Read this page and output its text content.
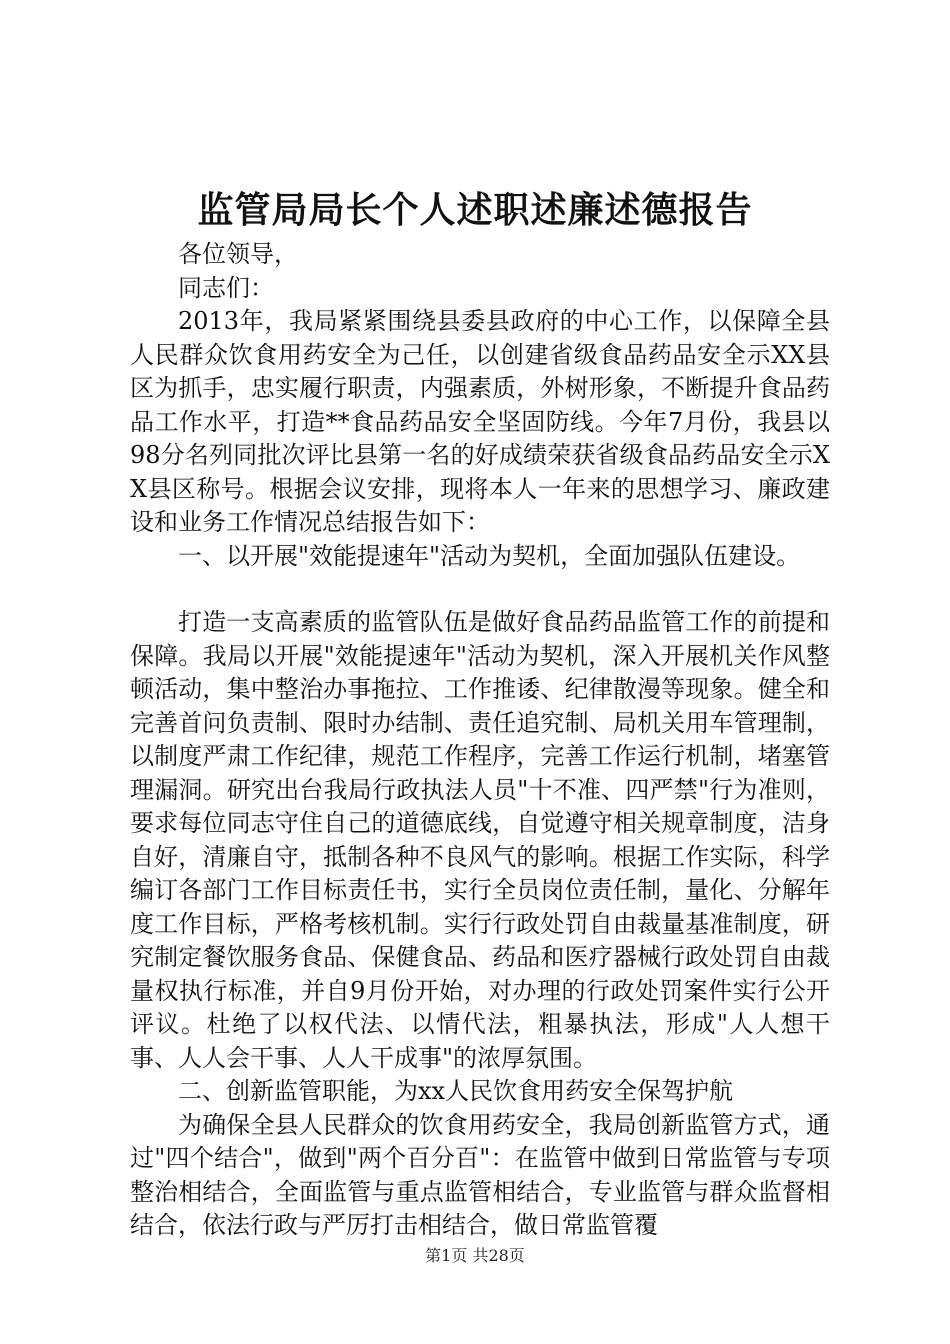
监管局局长个人述职述廉述德报告

各位领导，

同志们：

2013年，我局紧紧围绕县委县政府的中心工作，以保障全县人民群众饮食用药安全为己任，以创建省级食品药品安全示XX县区为抓手，忠实履行职责，内强素质，外树形象，不断提升食品药品工作水平，打造**食品药品安全坚固防线。今年7月份，我县以98分名列同批次评比县第一名的好成绩荣获省级食品药品安全示XX县区称号。根据会议安排，现将本人一年来的思想学习、廉政建设和业务工作情况总结报告如下：

一、以开展"效能提速年"活动为契机，全面加强队伍建设。

打造一支高素质的监管队伍是做好食品药品监管工作的前提和保障。我局以开展"效能提速年"活动为契机，深入开展机关作风整顿活动，集中整治办事拖拉、工作推诿、纪律散漫等现象。健全和完善首问负责制、限时办结制、责任追究制、局机关用车管理制，以制度严肃工作纪律，规范工作程序，完善工作运行机制，堵塞管理漏洞。研究出台我局行政执法人员"十不准、四严禁"行为准则，要求每位同志守住自己的道德底线，自觉遵守相关规章制度，洁身自好，清廉自守，抵制各种不良风气的影响。根据工作实际，科学编订各部门工作目标责任书，实行全员岗位责任制，量化、分解年度工作目标，严格考核机制。实行行政处罚自由裁量基准制度，研究制定餐饮服务食品、保健食品、药品和医疗器械行政处罚自由裁量权执行标准，并自9月份开始，对办理的行政处罚案件实行公开评议。杜绝了以权代法、以情代法，粗暴执法，形成"人人想干事、人人会干事、人人干成事"的浓厚氛围。

二、创新监管职能，为xx人民饮食用药安全保驾护航

为确保全县人民群众的饮食用药安全，我局创新监管方式，通过"四个结合"，做到"两个百分百"：在监管中做到日常监管与专项整治相结合，全面监管与重点监管相结合，专业监管与群众监督相结合，依法行政与严厉打击相结合，做日常监管覆

第1页 共28页
